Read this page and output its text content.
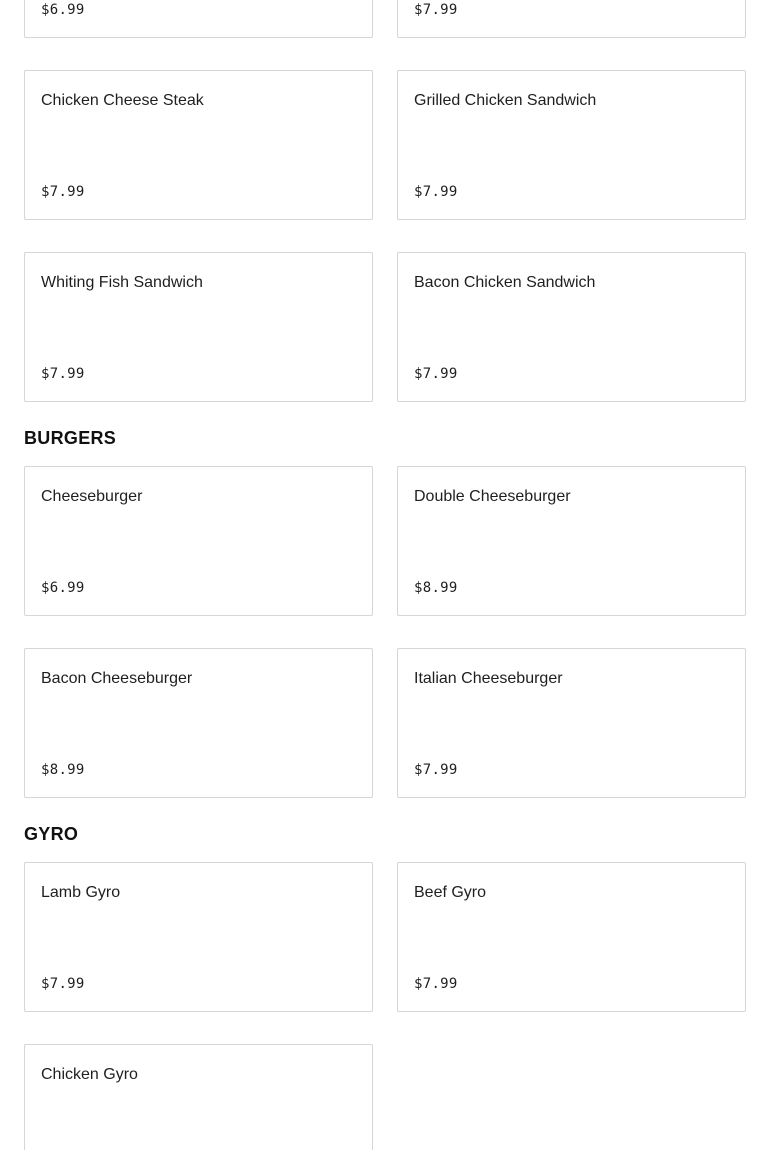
$6.99	$7.99
Chicken Cheese Steak
$7.99
Grilled Chicken Sandwich
$7.99
Whiting Fish Sandwich
$7.99
Bacon Chicken Sandwich
$7.99
BURGERS
Cheeseburger
$6.99
Double Cheeseburger
$8.99
Bacon Cheeseburger
$8.99
Italian Cheeseburger
$7.99
GYRO
Lamb Gyro
$7.99
Beef Gyro
$7.99
Chicken Gyro
